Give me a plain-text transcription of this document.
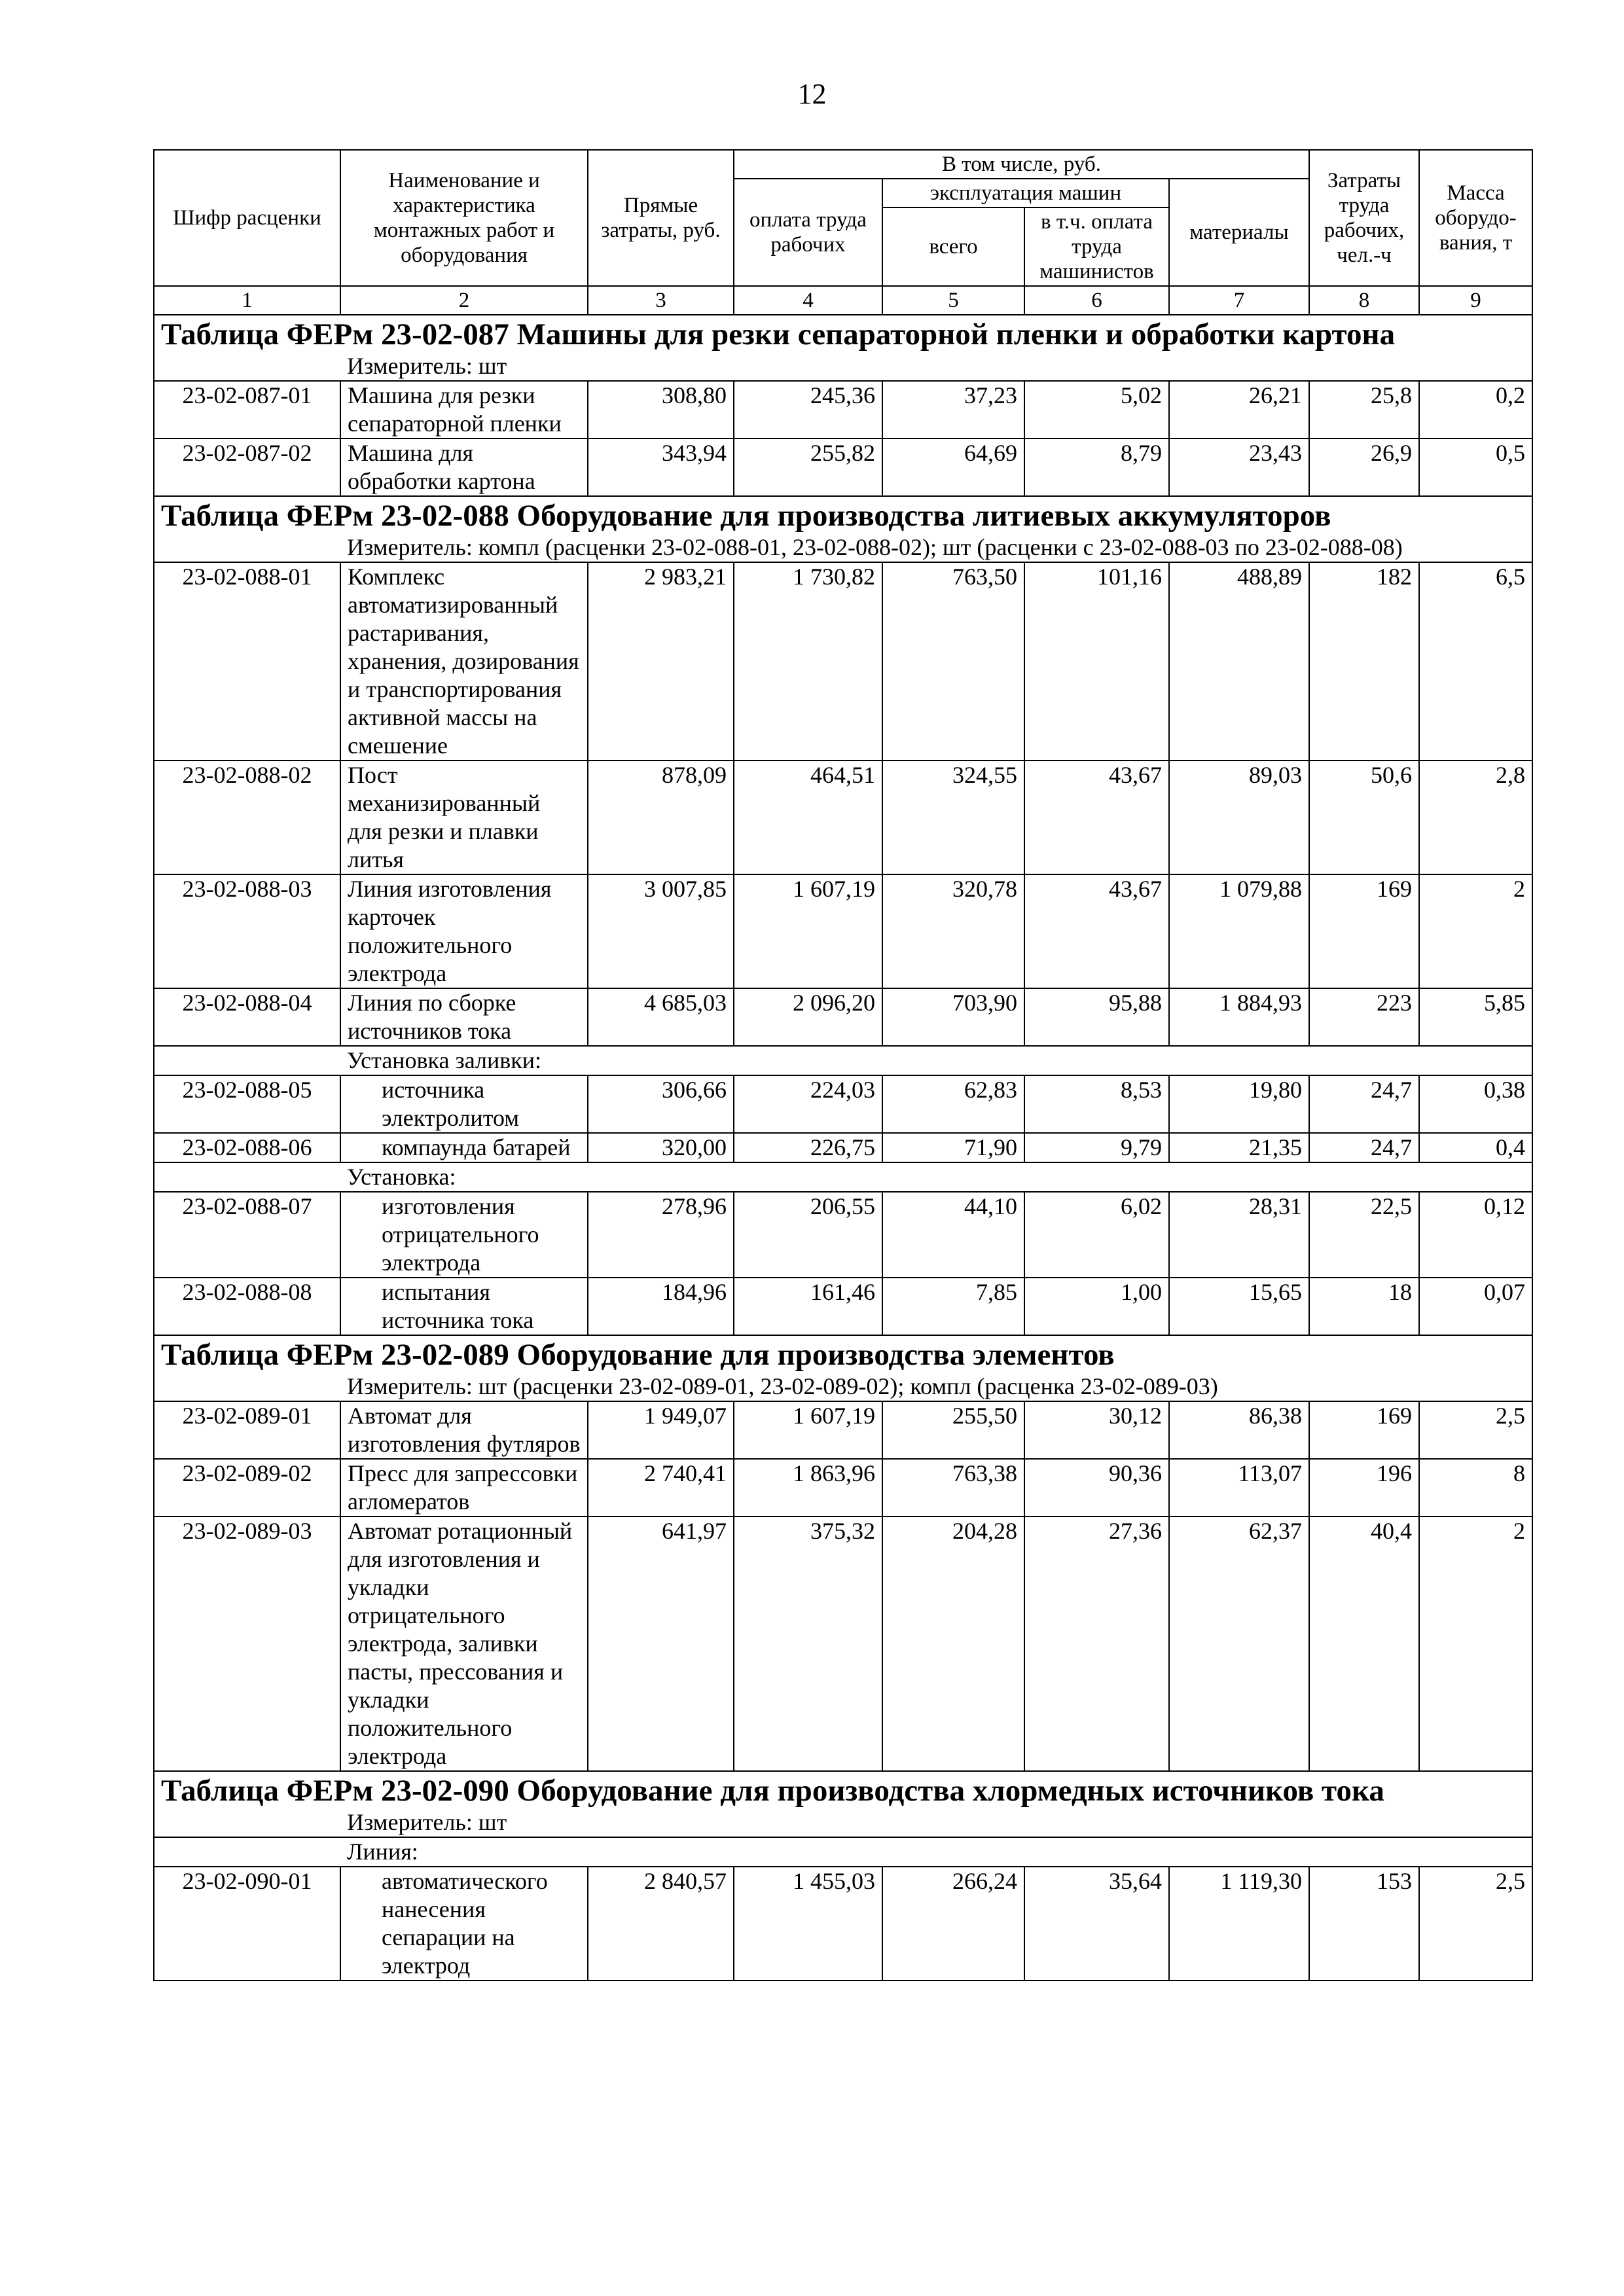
12
Шифр расценки	Наименование и характеристика монтажных работ и оборудования	Прямые затраты, руб.	В том числе, руб.				Затраты труда рабочих, чел.-ч	Масса оборудо-вания, т
			оплата труда рабочих	эксплуатация машин		материалы		
				всего	в т.ч. оплата труда машинистов			
1	2	3	4	5	6	7	8	9
Таблица ФЕРм 23-02-087 Машины для резки сепараторной пленки и обработки картона								
Измеритель: шт								
23-02-087-01	Машина для резки сепараторной пленки	308,80	245,36	37,23	5,02	26,21	25,8	0,2
23-02-087-02	Машина для обработки картона	343,94	255,82	64,69	8,79	23,43	26,9	0,5
Таблица ФЕРм 23-02-088 Оборудование для производства литиевых аккумуляторов								
Измеритель: компл (расценки 23-02-088-01, 23-02-088-02); шт (расценки с 23-02-088-03 по 23-02-088-08)								
23-02-088-01	Комплекс автоматизированный растаривания, хранения, дозирования и транспортирования активной массы на смешение	2 983,21	1 730,82	763,50	101,16	488,89	182	6,5
23-02-088-02	Пост механизированный для резки и плавки литья	878,09	464,51	324,55	43,67	89,03	50,6	2,8
23-02-088-03	Линия изготовления карточек положительного электрода	3 007,85	1 607,19	320,78	43,67	1 079,88	169	2
23-02-088-04	Линия по сборке источников тока	4 685,03	2 096,20	703,90	95,88	1 884,93	223	5,85
Установка заливки:								
23-02-088-05	источника электролитом	306,66	224,03	62,83	8,53	19,80	24,7	0,38
23-02-088-06	компаунда батарей	320,00	226,75	71,90	9,79	21,35	24,7	0,4
Установка:								
23-02-088-07	изготовления отрицательного электрода	278,96	206,55	44,10	6,02	28,31	22,5	0,12
23-02-088-08	испытания источника тока	184,96	161,46	7,85	1,00	15,65	18	0,07
Таблица ФЕРм 23-02-089 Оборудование для производства элементов								
Измеритель: шт (расценки 23-02-089-01, 23-02-089-02); компл (расценка 23-02-089-03)								
23-02-089-01	Автомат для изготовления футляров	1 949,07	1 607,19	255,50	30,12	86,38	169	2,5
23-02-089-02	Пресс для запрессовки агломератов	2 740,41	1 863,96	763,38	90,36	113,07	196	8
23-02-089-03	Автомат ротационный для изготовления и укладки отрицательного электрода, заливки пасты, прессования и укладки положительного электрода	641,97	375,32	204,28	27,36	62,37	40,4	2
Таблица ФЕРм 23-02-090 Оборудование для производства хлормедных источников тока								
Измеритель: шт								
Линия:								
23-02-090-01	автоматического нанесения сепарации на электрод	2 840,57	1 455,03	266,24	35,64	1 119,30	153	2,5
